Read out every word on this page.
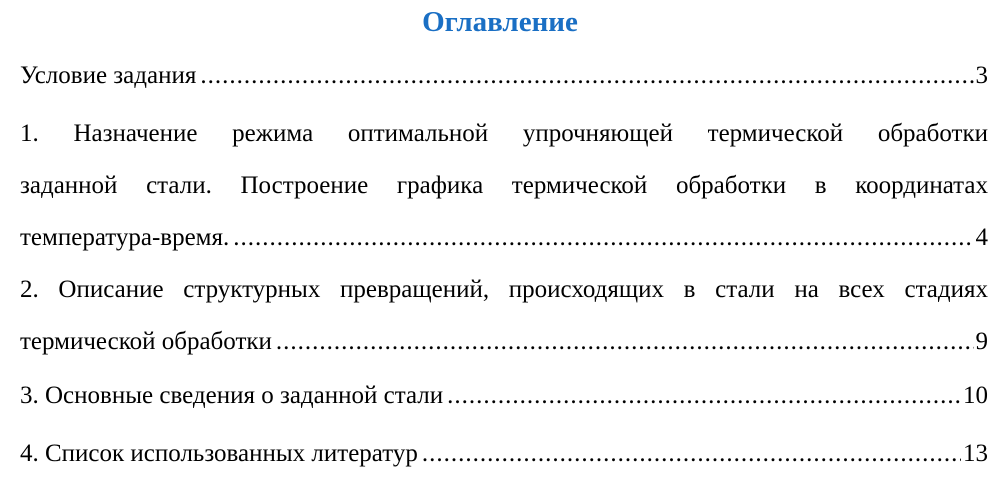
Оглавление
Условие задания .....	3
1. Назначение режима оптимальной упрочняющей термической обработки
заданной стали. Построение графика термической обработки в координатах
температура-время. .....	4
2. Описание структурных превращений, происходящих в стали на всех стадиях
термической обработки .....	9
3. Основные сведения о заданной стали .....	10
4. Список использованных литератур .....	13
